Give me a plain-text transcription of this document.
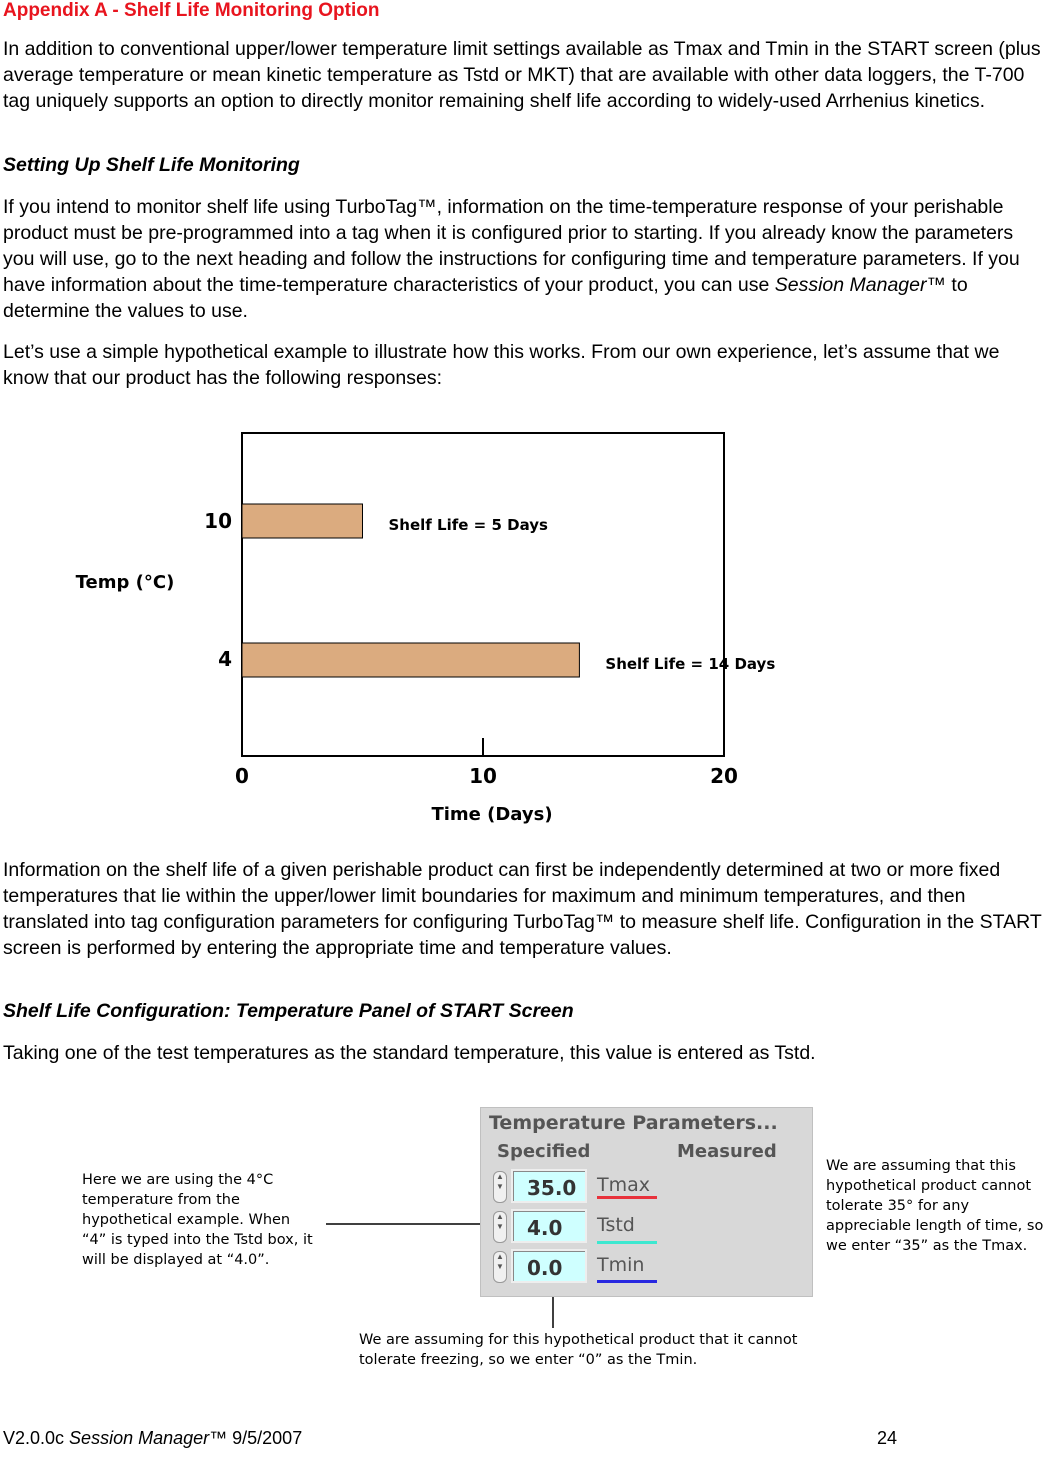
Appendix A - Shelf Life Monitoring Option
In addition to conventional upper/lower temperature limit settings available as Tmax and Tmin in the START screen (plus average temperature or mean kinetic temperature as Tstd or MKT) that are available with other data loggers, the T-700 tag uniquely supports an option to directly monitor remaining shelf life according to widely-used Arrhenius kinetics.
Setting Up Shelf Life Monitoring
If you intend to monitor shelf life using TurboTag™, information on the time-temperature response of your perishable product must be pre-programmed into a tag when it is configured prior to starting. If you already know the parameters you will use, go to the next heading and follow the instructions for configuring time and temperature parameters. If you have information about the time-temperature characteristics of your product, you can use Session Manager™ to determine the values to use.
Let’s use a simple hypothetical example to illustrate how this works. From our own experience, let’s assume that we know that our product has the following responses:
10	Shelf Life = 5 Days
4	Shelf Life = 14 Days
0	10	20
Time (Days)
Temp (°C)
Information on the shelf life of a given perishable product can first be independently determined at two or more fixed temperatures that lie within the upper/lower limit boundaries for maximum and minimum temperatures, and then translated into tag configuration parameters for configuring TurboTag™ to measure shelf life. Configuration in the START screen is performed by entering the appropriate time and temperature values.
Shelf Life Configuration: Temperature Panel of START Screen
Taking one of the test temperatures as the standard temperature, this value is entered as Tstd.
Here we are using the 4°C temperature from the hypothetical example. When “4” is typed into the Tstd box, it will be displayed at “4.0”.
We are assuming that this hypothetical product cannot tolerate 35° for any appreciable length of time, so we enter “35” as the Tmax.
We are assuming for this hypothetical product that it cannot tolerate freezing, so we enter “0” as the Tmin.
Temperature Parameters...
Specified	Measured
▲
▼	35.0	Tmax
▲
▼	4.0	Tstd
▲
▼	0.0	Tmin
V2.0.0c Session Manager™ 9/5/2007	24
